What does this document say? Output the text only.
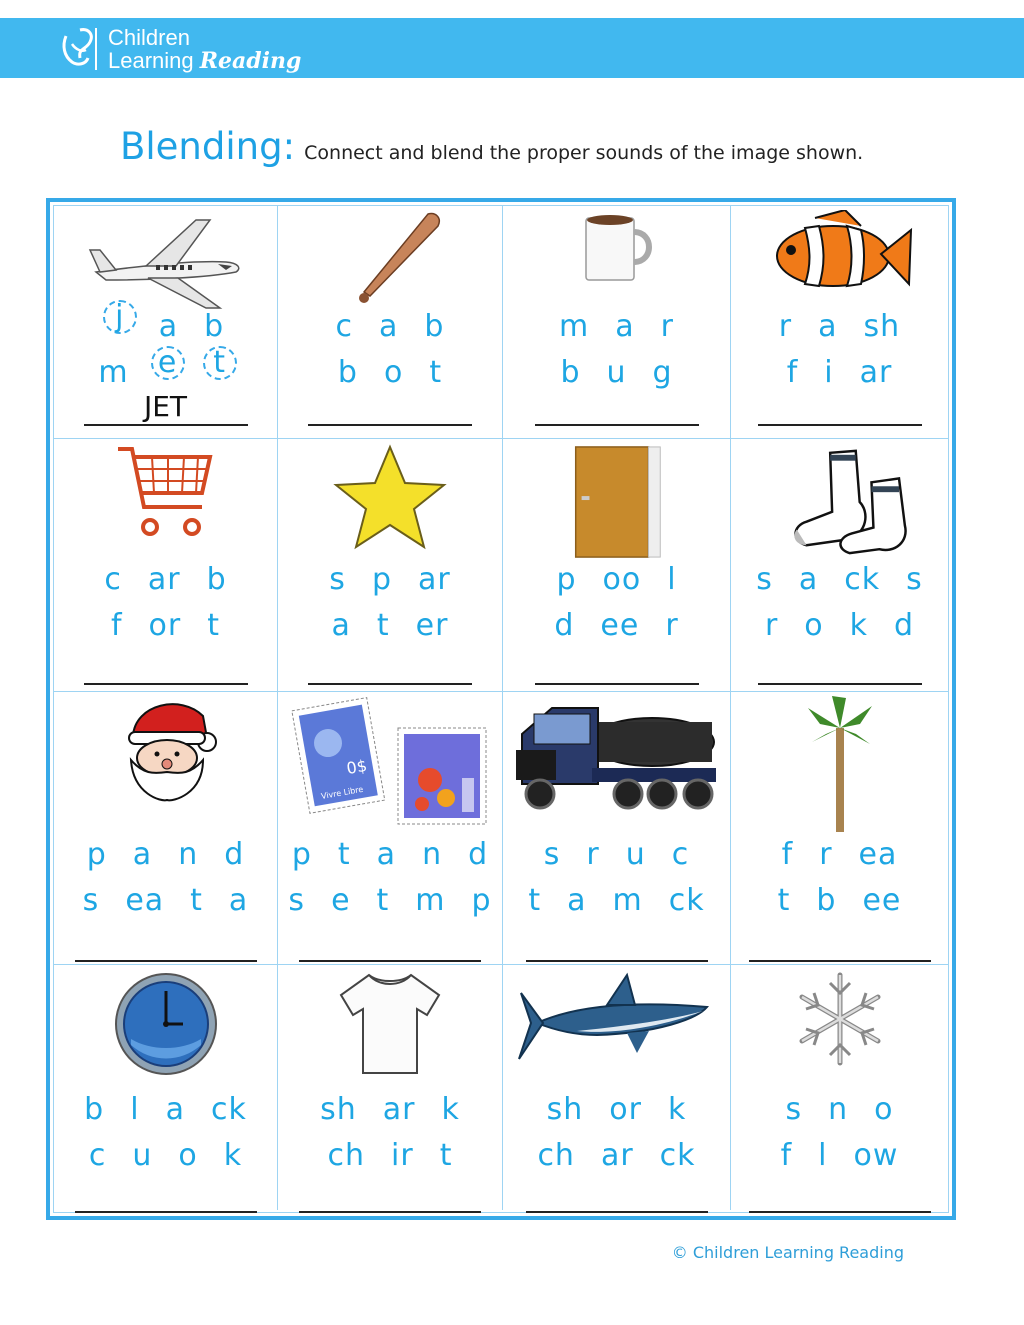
Children
Learning Reading
Blending: Connect and blend the proper sounds of the image shown.
j	a b
m e	t
JET
c a b
b o t
m a r
b u g
r a sh
f i ar
c ar b
f or t
s p ar
a t er
p oo l
d ee r
s a ck s
r o k d
p a n d
s ea t a
0$
Vivre Libre
p t a n d
s e t m p
s r u c
t a m ck
f r ea
t b ee
b l a ck
c u o k
sh ar k
ch ir t
sh or k
ch ar ck
s n o
f l ow
© Children Learning Reading
